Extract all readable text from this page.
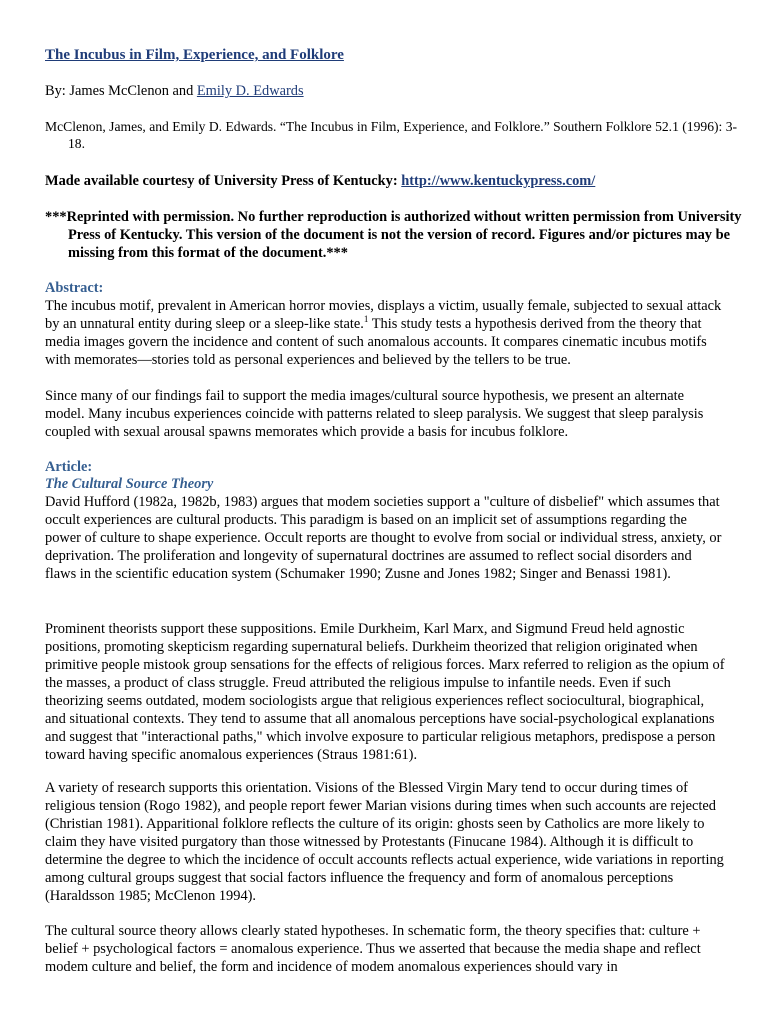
The Incubus in Film, Experience, and Folklore

By: James McClenon and Emily D. Edwards

McClenon, James, and Emily D. Edwards. “The Incubus in Film, Experience, and Folklore.” Southern Folklore 52.1 (1996): 3-18.

Made available courtesy of University Press of Kentucky: http://www.kentuckypress.com/

***Reprinted with permission. No further reproduction is authorized without written permission from University Press of Kentucky. This version of the document is not the version of record. Figures and/or pictures may be missing from this format of the document.***

Abstract:

The incubus motif, prevalent in American horror movies, displays a victim, usually female, subjected to sexual attack by an unnatural entity during sleep or a sleep-like state.$^1$ This study tests a hypothesis derived from the theory that media images govern the incidence and content of such anomalous accounts. It compares cinematic incubus motifs with memorates—stories told as personal experiences and believed by the tellers to be true.

Since many of our findings fail to support the media images/cultural source hypothesis, we present an alternate model. Many incubus experiences coincide with patterns related to sleep paralysis. We suggest that sleep paralysis coupled with sexual arousal spawns memorates which provide a basis for incubus folklore.

Article:

The Cultural Source Theory

David Hufford (1982a, 1982b, 1983) argues that modem societies support a "culture of disbelief" which assumes that occult experiences are cultural products. This paradigm is based on an implicit set of assumptions regarding the power of culture to shape experience. Occult reports are thought to evolve from social or individual stress, anxiety, or deprivation. The proliferation and longevity of supernatural doctrines are assumed to reflect social disorders and flaws in the scientific education system (Schumaker 1990; Zusne and Jones 1982; Singer and Benassi 1981).

Prominent theorists support these suppositions. Emile Durkheim, Karl Marx, and Sigmund Freud held agnostic positions, promoting skepticism regarding supernatural beliefs. Durkheim theorized that religion originated when primitive people mistook group sensations for the effects of religious forces. Marx referred to religion as the opium of the masses, a product of class struggle. Freud attributed the religious impulse to infantile needs. Even if such theorizing seems outdated, modem sociologists argue that religious experiences reflect sociocultural, biographical, and situational contexts. They tend to assume that all anomalous perceptions have social-psychological explanations and suggest that "interactional paths," which involve exposure to particular religious metaphors, predispose a person toward having specific anomalous experiences (Straus 1981:61).

A variety of research supports this orientation. Visions of the Blessed Virgin Mary tend to occur during times of religious tension (Rogo 1982), and people report fewer Marian visions during times when such accounts are rejected (Christian 1981). Apparitional folklore reflects the culture of its origin: ghosts seen by Catholics are more likely to claim they have visited purgatory than those witnessed by Protestants (Finucane 1984). Although it is difficult to determine the degree to which the incidence of occult accounts reflects actual experience, wide variations in reporting among cultural groups suggest that social factors influence the frequency and form of anomalous perceptions (Haraldsson 1985; McClenon 1994).

The cultural source theory allows clearly stated hypotheses. In schematic form, the theory specifies that: culture + belief + psychological factors = anomalous experience. Thus we asserted that because the media shape and reflect modem culture and belief, the form and incidence of modem anomalous experiences should vary in
